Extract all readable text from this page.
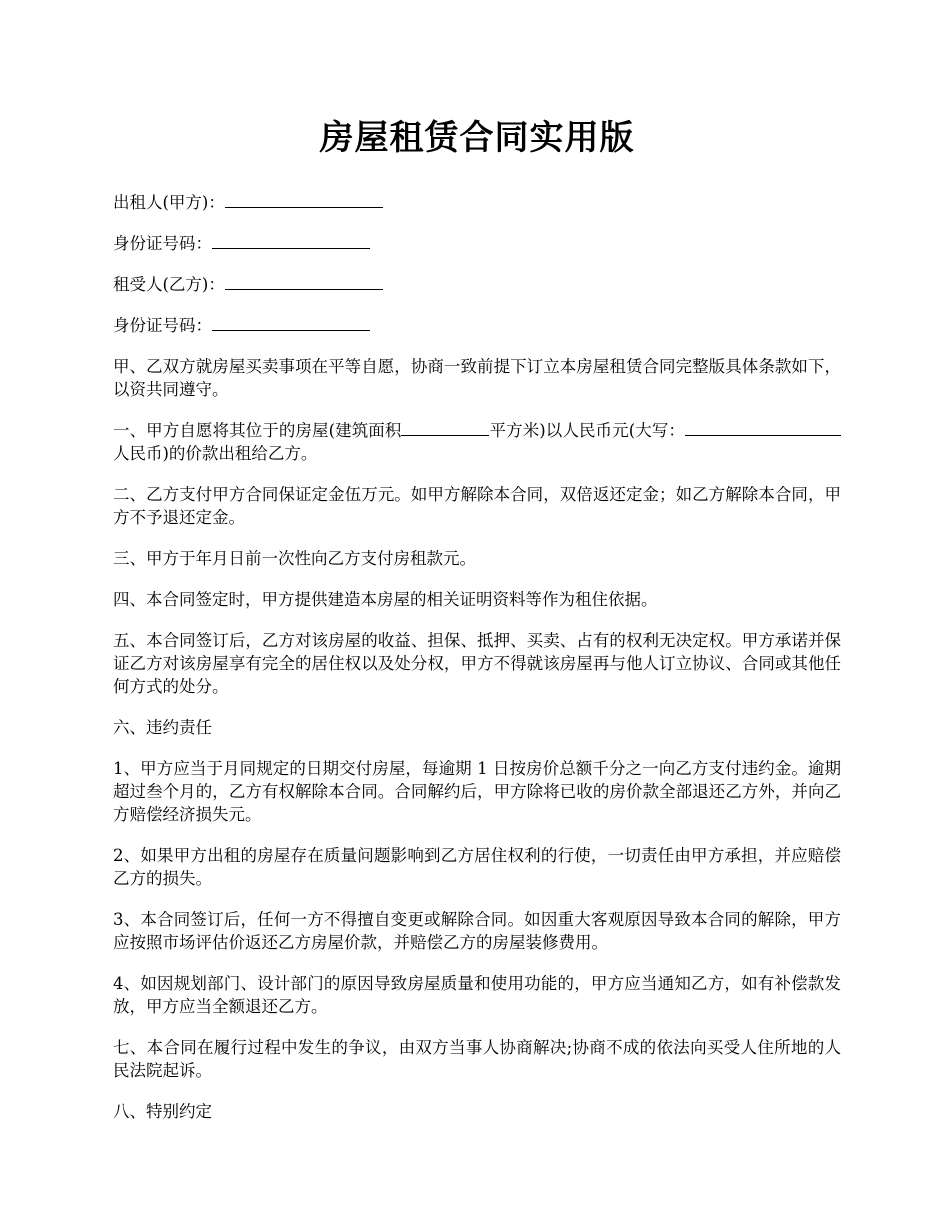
房屋租赁合同实用版

出租人(甲方)：

身份证号码：

租受人(乙方)：

身份证号码：

甲、乙双方就房屋买卖事项在平等自愿，协商一致前提下订立本房屋租赁合同完整版具体条款如下，以资共同遵守。

一、甲方自愿将其位于的房屋(建筑面积	平方米)以人民币元(大写：人民币)的价款出租给乙方。

二、乙方支付甲方合同保证定金伍万元。如甲方解除本合同，双倍返还定金；如乙方解除本合同，甲方不予退还定金。

三、甲方于年月日前一次性向乙方支付房租款元。

四、本合同签定时，甲方提供建造本房屋的相关证明资料等作为租住依据。

五、本合同签订后，乙方对该房屋的收益、担保、抵押、买卖、占有的权利无决定权。甲方承诺并保证乙方对该房屋享有完全的居住权以及处分权，甲方不得就该房屋再与他人订立协议、合同或其他任何方式的处分。

六、违约责任

1、甲方应当于月同规定的日期交付房屋，每逾期 1 日按房价总额千分之一向乙方支付违约金。逾期超过叁个月的，乙方有权解除本合同。合同解约后，甲方除将已收的房价款全部退还乙方外，并向乙方赔偿经济损失元。

2、如果甲方出租的房屋存在质量问题影响到乙方居住权利的行使，一切责任由甲方承担，并应赔偿乙方的损失。

3、本合同签订后，任何一方不得擅自变更或解除合同。如因重大客观原因导致本合同的解除，甲方应按照市场评估价返还乙方房屋价款，并赔偿乙方的房屋装修费用。

4、如因规划部门、设计部门的原因导致房屋质量和使用功能的，甲方应当通知乙方，如有补偿款发放，甲方应当全额退还乙方。

七、本合同在履行过程中发生的争议，由双方当事人协商解决;协商不成的依法向买受人住所地的人民法院起诉。

八、特别约定
